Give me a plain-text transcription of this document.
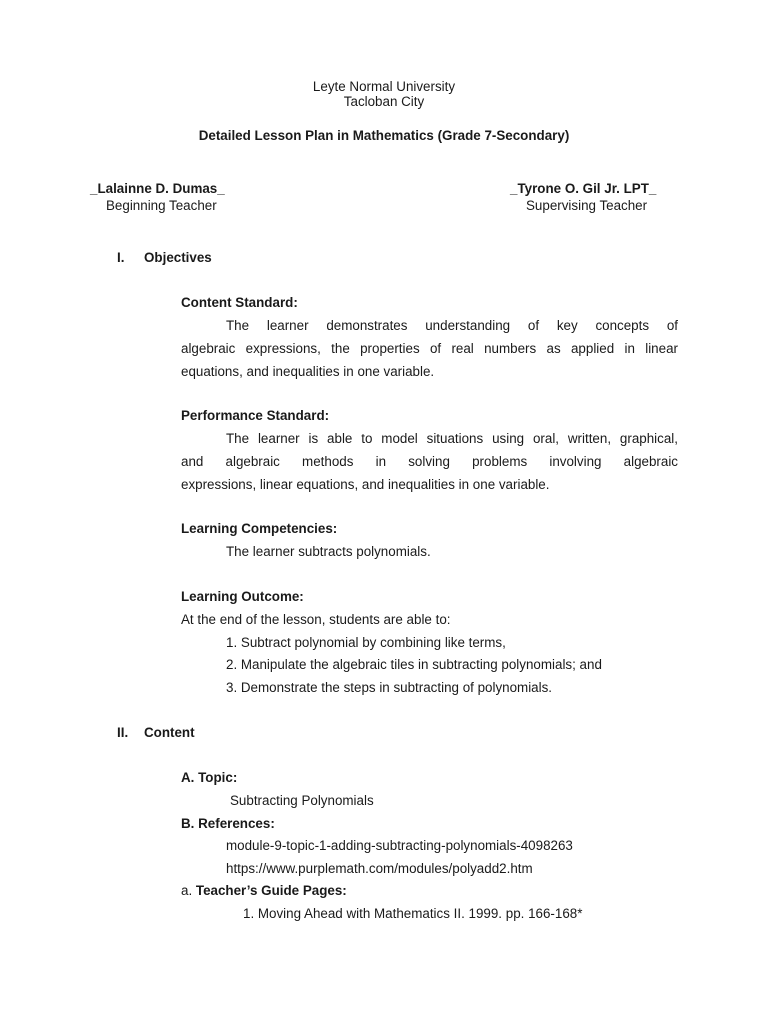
Leyte Normal University
Tacloban City
Detailed Lesson Plan in Mathematics (Grade 7-Secondary)
_Lalainne D. Dumas_
Beginning Teacher
_Tyrone O. Gil Jr. LPT_
Supervising Teacher
I. Objectives
Content Standard:
The learner demonstrates understanding of key concepts of
algebraic expressions, the properties of real numbers as applied in linear
equations, and inequalities in one variable.
Performance Standard:
The learner is able to model situations using oral, written, graphical,
and algebraic methods in solving problems involving algebraic
expressions, linear equations, and inequalities in one variable.
Learning Competencies:
The learner subtracts polynomials.
Learning Outcome:
At the end of the lesson, students are able to:
1. Subtract polynomial by combining like terms,
2. Manipulate the algebraic tiles in subtracting polynomials; and
3. Demonstrate the steps in subtracting of polynomials.
II. Content
A. Topic:
Subtracting Polynomials
B. References:
module-9-topic-1-adding-subtracting-polynomials-4098263
https://www.purplemath.com/modules/polyadd2.htm
a. Teacher’s Guide Pages:
1. Moving Ahead with Mathematics II. 1999. pp. 166-168*
